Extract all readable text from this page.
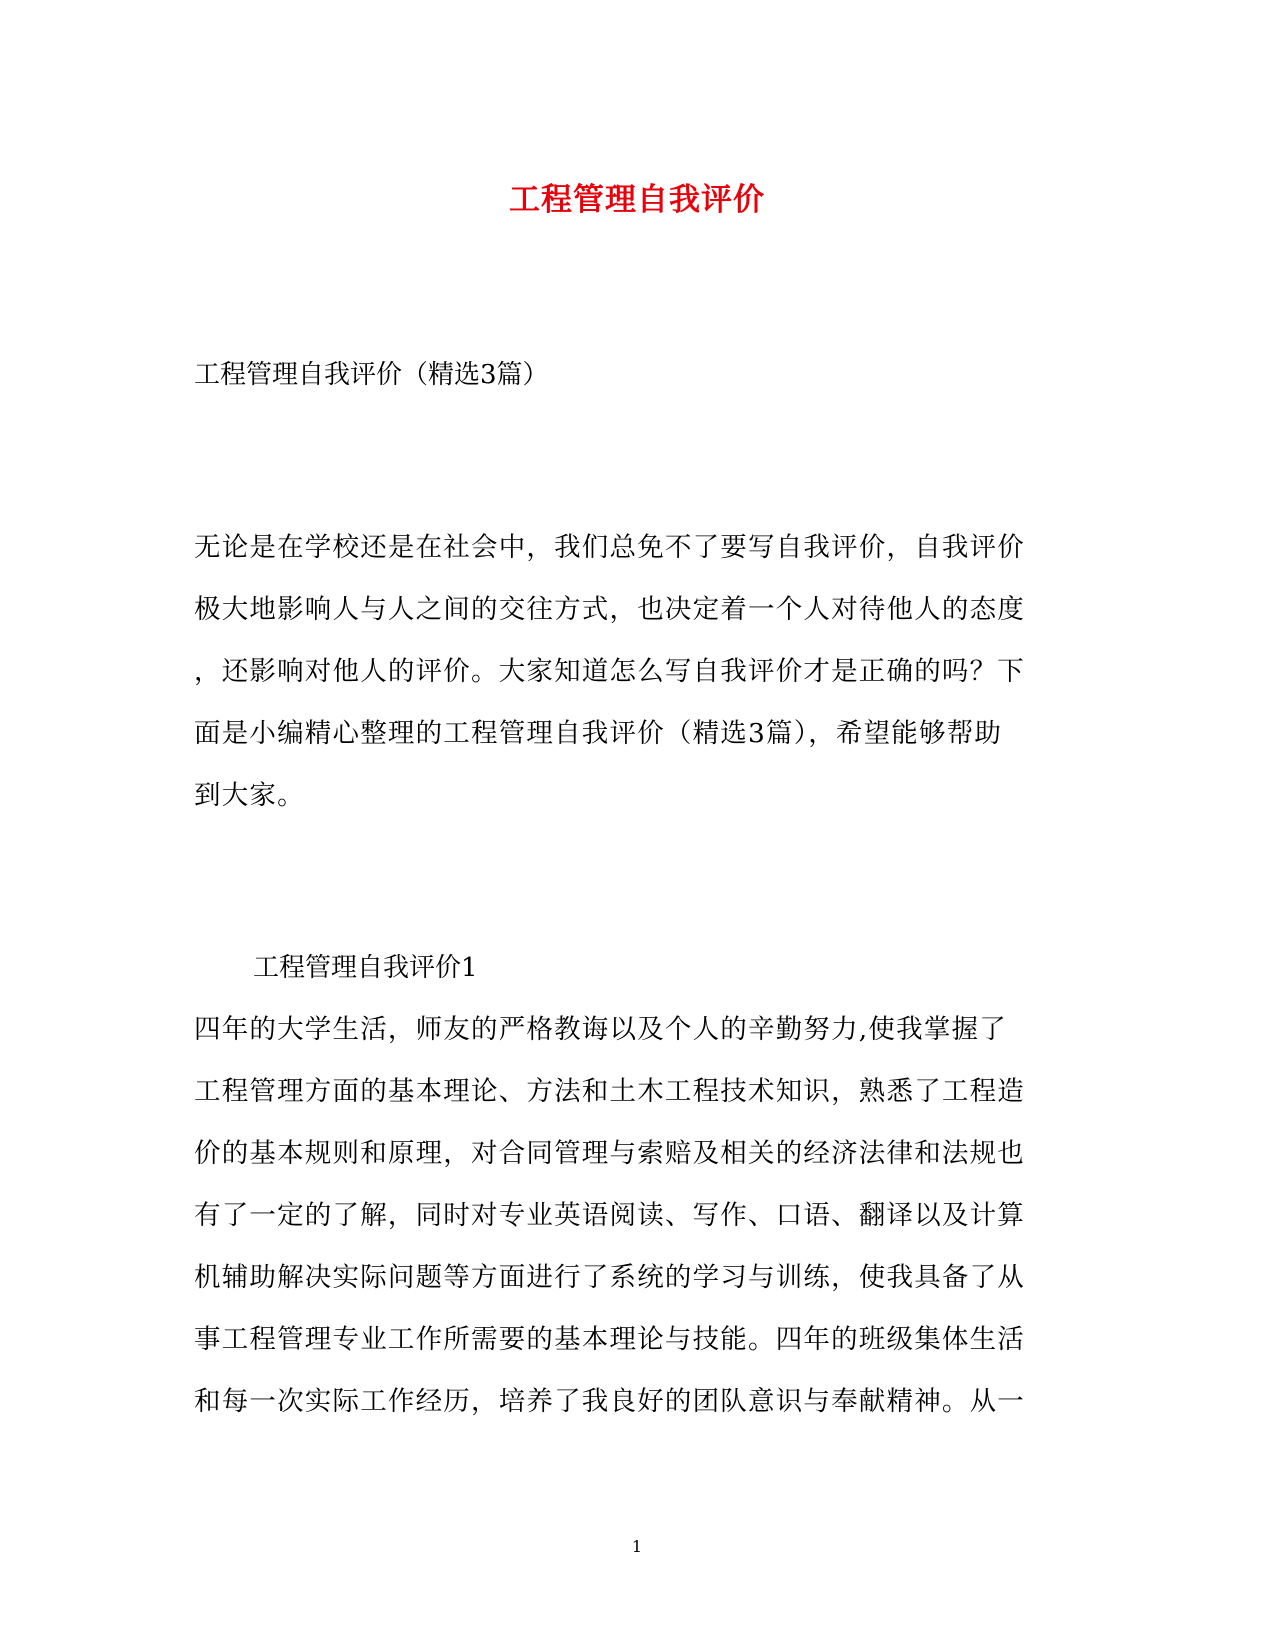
工程管理自我评价
工程管理自我评价（精选3篇）
无论是在学校还是在社会中，我们总免不了要写自我评价，自我评价
极大地影响人与人之间的交往方式，也决定着一个人对待他人的态度
，还影响对他人的评价。大家知道怎么写自我评价才是正确的吗？下
面是小编精心整理的工程管理自我评价（精选3篇），希望能够帮助
到大家。
工程管理自我评价1
四年的大学生活，师友的严格教诲以及个人的辛勤努力,使我掌握了
工程管理方面的基本理论、方法和土木工程技术知识，熟悉了工程造
价的基本规则和原理，对合同管理与索赔及相关的经济法律和法规也
有了一定的了解，同时对专业英语阅读、写作、口语、翻译以及计算
机辅助解决实际问题等方面进行了系统的学习与训练，使我具备了从
事工程管理专业工作所需要的基本理论与技能。四年的班级集体生活
和每一次实际工作经历，培养了我良好的团队意识与奉献精神。从一
1
